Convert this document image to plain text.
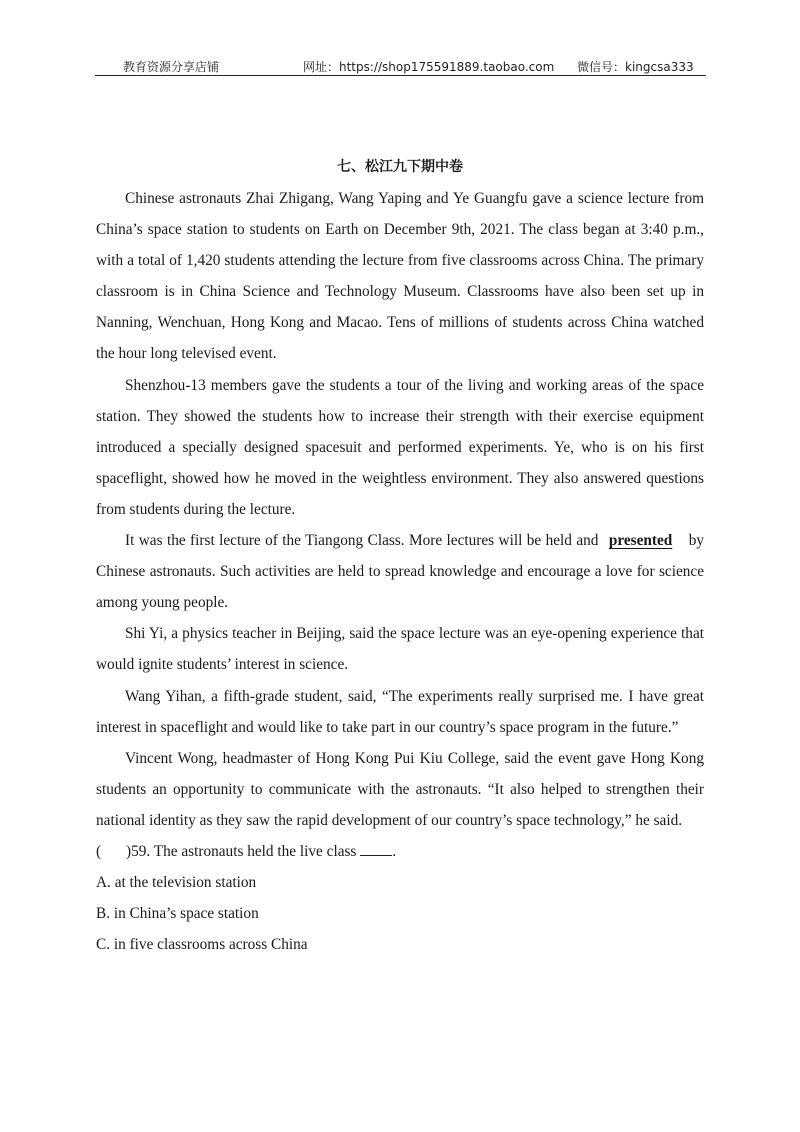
教育资源分享店铺	网址：https://shop175591889.taobao.com 微信号：kingcsa333
七、松江九下期中卷

Chinese astronauts Zhai Zhigang, Wang Yaping and Ye Guangfu gave a science lecture from China’s space station to students on Earth on December 9th, 2021. The class began at 3:40 p.m., with a total of 1,420 students attending the lecture from five classrooms across China. The primary classroom is in China Science and Technology Museum. Classrooms have also been set up in Nanning, Wenchuan, Hong Kong and Macao. Tens of millions of students across China watched the hour long televised event.

Shenzhou-13 members gave the students a tour of the living and working areas of the space station. They showed the students how to increase their strength with their exercise equipment introduced a specially designed spacesuit and performed experiments. Ye, who is on his first spaceflight, showed how he moved in the weightless environment. They also answered questions from students during the lecture.

It was the first lecture of the Tiangong Class. More lectures will be held and presented by Chinese astronauts. Such activities are held to spread knowledge and encourage a love for science among young people.

Shi Yi, a physics teacher in Beijing, said the space lecture was an eye-opening experience that would ignite students’ interest in science.

Wang Yihan, a fifth-grade student, said, “The experiments really surprised me. I have great interest in spaceflight and would like to take part in our country’s space program in the future.”

Vincent Wong, headmaster of Hong Kong Pui Kiu College, said the event gave Hong Kong students an opportunity to communicate with the astronauts. “It also helped to strengthen their national identity as they saw the rapid development of our country’s space technology,” he said.

( )59. The astronauts held the live class .

A. at the television station

B. in China’s space station

C. in five classrooms across China
